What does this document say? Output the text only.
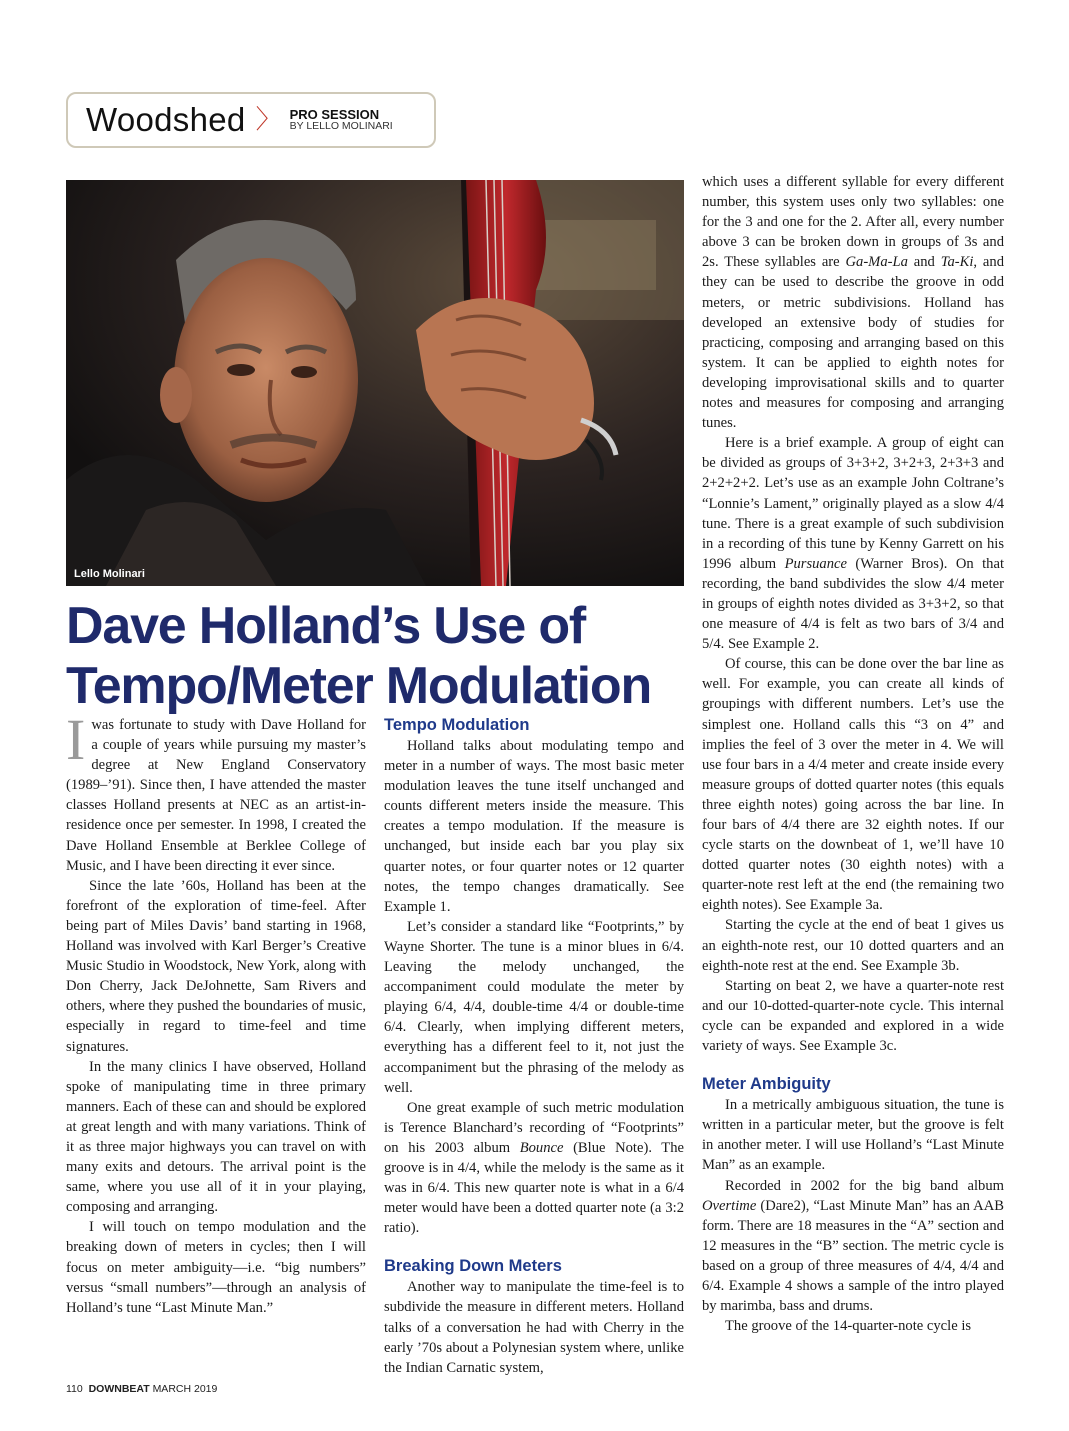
Woodshed 〉 PRO SESSION
BY LELLO MOLINARI
Lello Molinari
Dave Holland’s Use of Tempo/Meter Modulation

Iwas fortunate to study with Dave Holland for a couple of years while pursuing my master’s degree at New England Conservatory (1989–’91). Since then, I have attended the master classes Holland presents at NEC as an artist-in-residence once per semester. In 1998, I created the Dave Holland Ensemble at Berklee College of Music, and I have been directing it ever since.

Since the late ’60s, Holland has been at the forefront of the exploration of time-feel. After being part of Miles Davis’ band starting in 1968, Holland was involved with Karl Berger’s Creative Music Studio in Woodstock, New York, along with Don Cherry, Jack DeJohnette, Sam Rivers and others, where they pushed the boundaries of music, especially in regard to time-feel and time signatures.

In the many clinics I have observed, Holland spoke of manipulating time in three primary manners. Each of these can and should be explored at great length and with many variations. Think of it as three major highways you can travel on with many exits and detours. The arrival point is the same, where you use all of it in your playing, composing and arranging.

I will touch on tempo modulation and the breaking down of meters in cycles; then I will focus on meter ambiguity—i.e. “big numbers” versus “small numbers”—through an analysis of Holland’s tune “Last Minute Man.”

Tempo Modulation

Holland talks about modulating tempo and meter in a number of ways. The most basic meter modulation leaves the tune itself unchanged and counts different meters inside the measure. This creates a tempo modulation. If the measure is unchanged, but inside each bar you play six quarter notes, or four quarter notes or 12 quarter notes, the tempo changes dramatically. See Example 1.

Let’s consider a standard like “Footprints,” by Wayne Shorter. The tune is a minor blues in 6/4. Leaving the melody unchanged, the accompaniment could modulate the meter by playing 6/4, 4/4, double-time 4/4 or double-time 6/4. Clearly, when implying different meters, everything has a different feel to it, not just the accompaniment but the phrasing of the melody as well.

One great example of such metric modulation is Terence Blanchard’s recording of “Footprints” on his 2003 album Bounce (Blue Note). The groove is in 4/4, while the melody is the same as it was in 6/4. This new quarter note is what in a 6/4 meter would have been a dotted quarter note (a 3:2 ratio).

Breaking Down Meters

Another way to manipulate the time-feel is to subdivide the measure in different meters. Holland talks of a conversation he had with Cherry in the early ’70s about a Polynesian system where, unlike the Indian Carnatic system,

which uses a different syllable for every different number, this system uses only two syllables: one for the 3 and one for the 2. After all, every number above 3 can be broken down in groups of 3s and 2s. These syllables are Ga-Ma-La and Ta-Ki, and they can be used to describe the groove in odd meters, or metric subdivisions. Holland has developed an extensive body of studies for practicing, composing and arranging based on this system. It can be applied to eighth notes for developing improvisational skills and to quarter notes and measures for composing and arranging tunes.

Here is a brief example. A group of eight can be divided as groups of 3+3+2, 3+2+3, 2+3+3 and 2+2+2+2. Let’s use as an example John Coltrane’s “Lonnie’s Lament,” originally played as a slow 4/4 tune. There is a great example of such subdivision in a recording of this tune by Kenny Garrett on his 1996 album Pursuance (Warner Bros). On that recording, the band subdivides the slow 4/4 meter in groups of eighth notes divided as 3+3+2, so that one measure of 4/4 is felt as two bars of 3/4 and 5/4. See Example 2.

Of course, this can be done over the bar line as well. For example, you can create all kinds of groupings with different numbers. Let’s use the simplest one. Holland calls this “3 on 4” and implies the feel of 3 over the meter in 4. We will use four bars in a 4/4 meter and create inside every measure groups of dotted quarter notes (this equals three eighth notes) going across the bar line. In four bars of 4/4 there are 32 eighth notes. If our cycle starts on the downbeat of 1, we’ll have 10 dotted quarter notes (30 eighth notes) with a quarter-note rest left at the end (the remaining two eighth notes). See Example 3a.

Starting the cycle at the end of beat 1 gives us an eighth-note rest, our 10 dotted quarters and an eighth-note rest at the end. See Example 3b.

Starting on beat 2, we have a quarter-note rest and our 10-dotted-quarter-note cycle. This internal cycle can be expanded and explored in a wide variety of ways. See Example 3c.

Meter Ambiguity

In a metrically ambiguous situation, the tune is written in a particular meter, but the groove is felt in another meter. I will use Holland’s “Last Minute Man” as an example.

Recorded in 2002 for the big band album Overtime (Dare2), “Last Minute Man” has an AAB form. There are 18 measures in the “A” section and 12 measures in the “B” section. The metric cycle is based on a group of three measures of 4/4, 4/4 and 6/4. Example 4 shows a sample of the intro played by marimba, bass and drums.

The groove of the 14-quarter-note cycle is

110 DOWNBEAT MARCH 2019
